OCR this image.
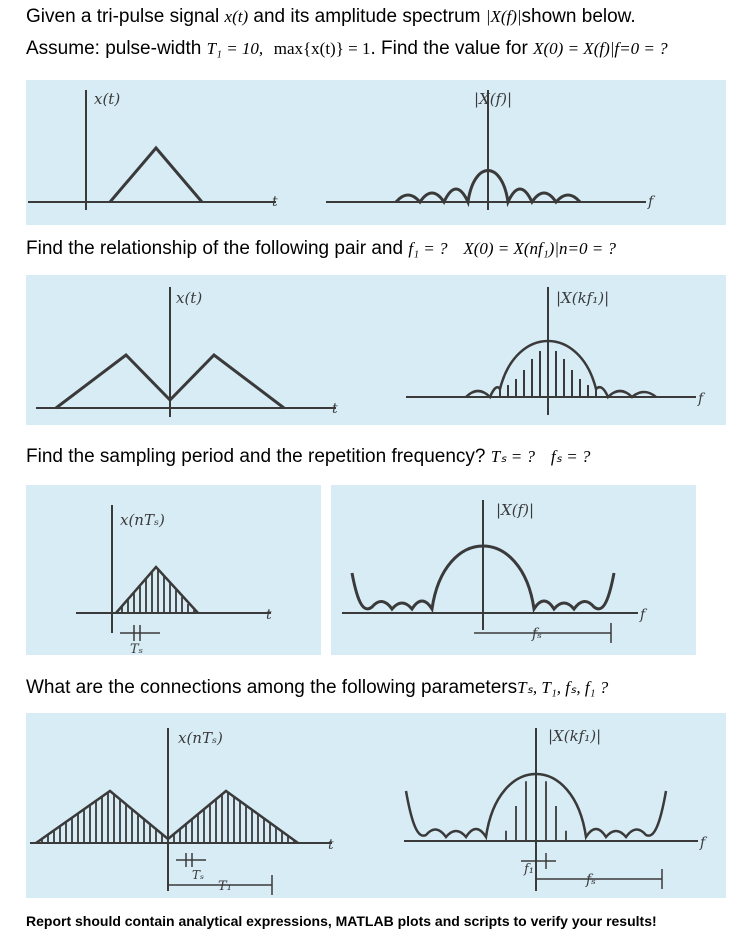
Given a tri-pulse signal x(t) and its amplitude spectrum |X(f)|shown below.
Assume: pulse-width T₁ = 10, max{x(t)} = 1. Find the value for X(0) = X(f)|f=0 = ?
x(t)
t
|X(f)|
f
Find the relationship of the following pair and f₁ = ? X(0) = X(nf₁)|n=0 = ?
x(t)
t
|X(kf₁)|
f
Find the sampling period and the repetition frequency? Tₛ = ? fₛ = ?
x(nTₛ)
Tₛ
t
fₛ
|X(f)|
f
What are the connections among the following parametersTₛ, T₁, fₛ, f₁ ?
x(nTₛ)
Tₛ
T₁
t
f₁
fₛ
|X(kf₁)|
f
Report should contain analytical expressions, MATLAB plots and scripts to verify your results!
